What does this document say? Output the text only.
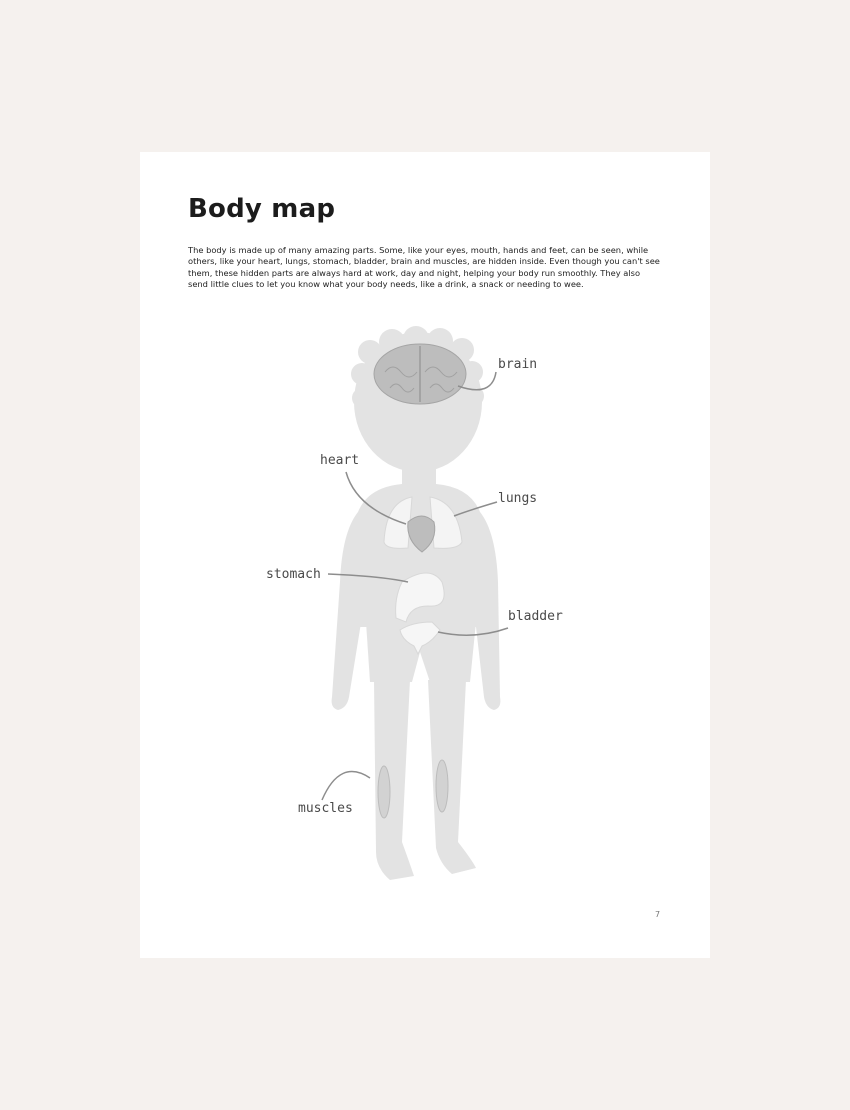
Body map

The body is made up of many amazing parts. Some, like your eyes, mouth, hands and feet, can be seen, while others, like your heart, lungs, stomach, bladder, brain and muscles, are hidden inside. Even though you can't see them, these hidden parts are always hard at work, day and night, helping your body run smoothly. They also send little clues to let you know what your body needs, like a drink, a snack or needing to wee.

brain
heart
lungs
stomach
bladder
muscles
7
